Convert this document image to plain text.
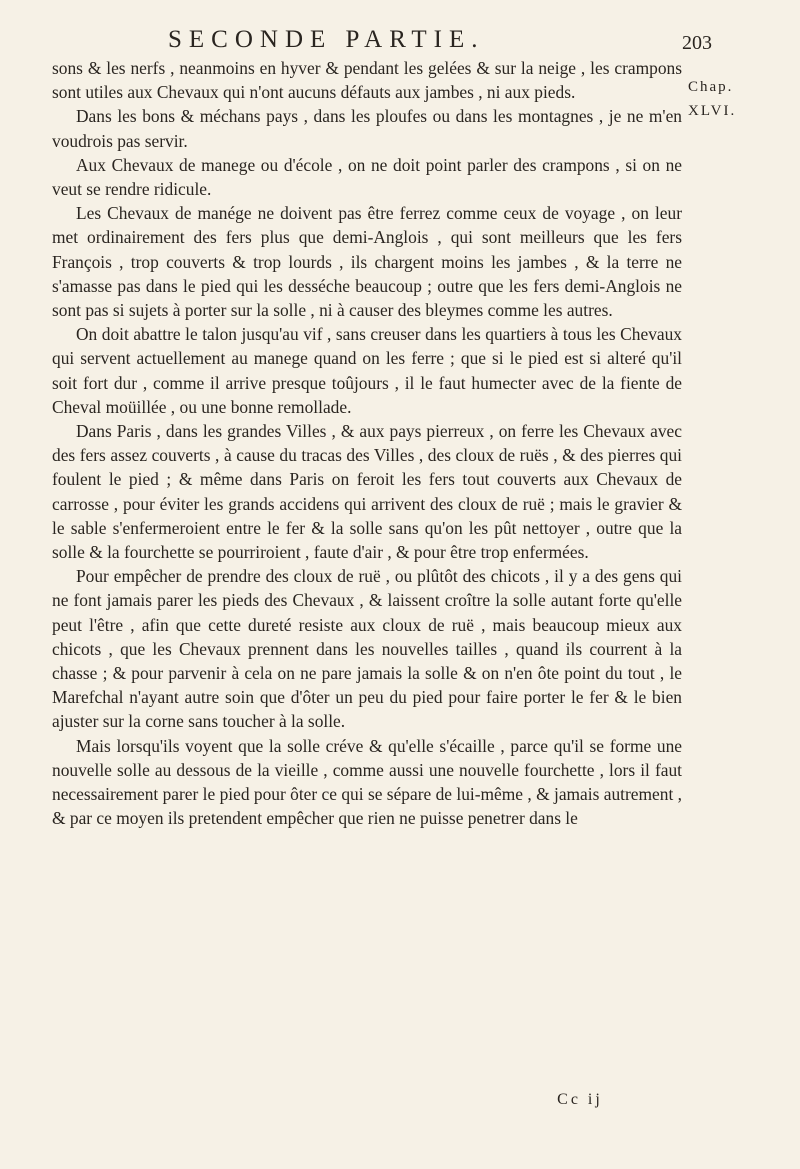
SECONDE PARTIE.	203
Chap.
XLVI.

sons & les nerfs , neanmoins en hyver & pendant les gelées & sur la neige , les crampons sont utiles aux Chevaux qui n'ont aucuns défauts aux jambes , ni aux pieds.

Dans les bons & méchans pays , dans les ploufes ou dans les montagnes , je ne m'en voudrois pas servir.

Aux Chevaux de manege ou d'école , on ne doit point parler des crampons , si on ne veut se rendre ridicule.

Les Chevaux de manége ne doivent pas être ferrez comme ceux de voyage , on leur met ordinairement des fers plus que demi-Anglois , qui sont meilleurs que les fers François , trop couverts & trop lourds , ils chargent moins les jambes , & la terre ne s'amasse pas dans le pied qui les desséche beaucoup ; outre que les fers demi-Anglois ne sont pas si sujets à porter sur la solle , ni à causer des bleymes comme les autres.

On doit abattre le talon jusqu'au vif , sans creuser dans les quartiers à tous les Chevaux qui servent actuellement au manege quand on les ferre ; que si le pied est si alteré qu'il soit fort dur , comme il arrive presque toûjours , il le faut humecter avec de la fiente de Cheval moüillée , ou une bonne remollade.

Dans Paris , dans les grandes Villes , & aux pays pierreux , on ferre les Chevaux avec des fers assez couverts , à cause du tracas des Villes , des cloux de ruës , & des pierres qui foulent le pied ; & même dans Paris on feroit les fers tout couverts aux Chevaux de carrosse , pour éviter les grands accidens qui arrivent des cloux de ruë ; mais le gravier & le sable s'enfermeroient entre le fer & la solle sans qu'on les pût nettoyer , outre que la solle & la fourchette se pourriroient , faute d'air , & pour être trop enfermées.

Pour empêcher de prendre des cloux de ruë , ou plûtôt des chicots , il y a des gens qui ne font jamais parer les pieds des Chevaux , & laissent croître la solle autant forte qu'elle peut l'être , afin que cette dureté resiste aux cloux de ruë , mais beaucoup mieux aux chicots , que les Chevaux prennent dans les nouvelles tailles , quand ils courrent à la chasse ; & pour parvenir à cela on ne pare jamais la solle & on n'en ôte point du tout , le Marefchal n'ayant autre soin que d'ôter un peu du pied pour faire porter le fer & le bien ajuster sur la corne sans toucher à la solle.

Mais lorsqu'ils voyent que la solle créve & qu'elle s'écaille , parce qu'il se forme une nouvelle solle au dessous de la vieille , comme aussi une nouvelle fourchette , lors il faut necessairement parer le pied pour ôter ce qui se sépare de lui-même , & jamais autrement , & par ce moyen ils pretendent empêcher que rien ne puisse penetrer dans le

Cc ij
